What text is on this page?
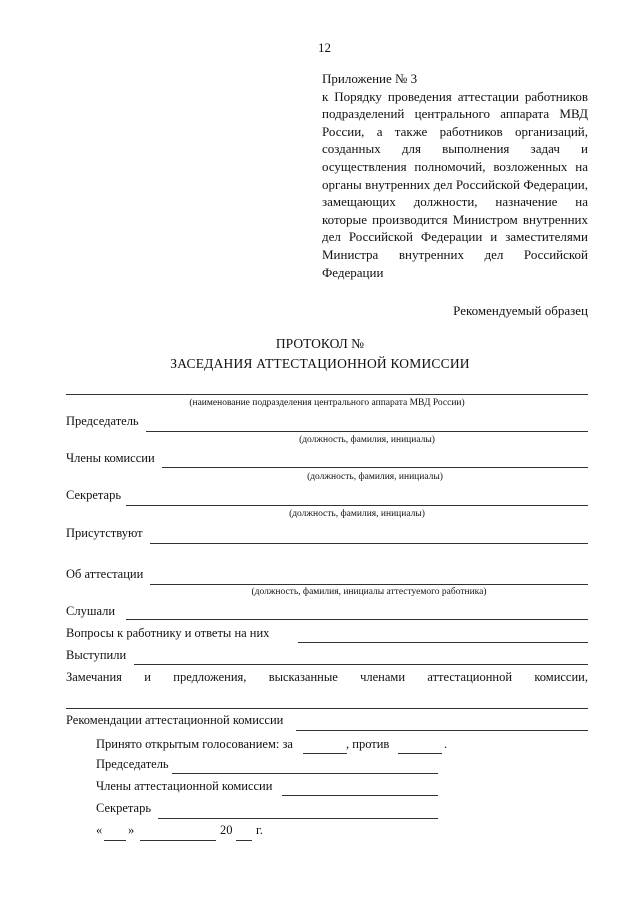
12
Приложение № 3
к Порядку проведения аттестации работников подразделений центрального аппарата МВД России, а также работников организаций, созданных для выполнения задач и осуществления полномочий, возложенных на органы внутренних дел Российской Федерации, замещающих должности, назначение на которые производится Министром внутренних дел Российской Федерации и заместителями Министра внутренних дел Российской Федерации
Рекомендуемый образец
ПРОТОКОЛ №
ЗАСЕДАНИЯ АТТЕСТАЦИОННОЙ КОМИССИИ
(наименование подразделения центрального аппарата МВД России)
Председатель
(должность, фамилия, инициалы)
Члены комиссии
(должность, фамилия, инициалы)
Секретарь
(должность, фамилия, инициалы)
Присутствуют
Об аттестации
(должность, фамилия, инициалы аттестуемого работника)
Слушали
Вопросы к работнику и ответы на них
Выступили
Замечания и предложения, высказанные членами аттестационной комиссии,
Рекомендации аттестационной комиссии
Принято открытым голосованием: за	, против	.
Председатель
Члены аттестационной комиссии
Секретарь
« »	20 г.
